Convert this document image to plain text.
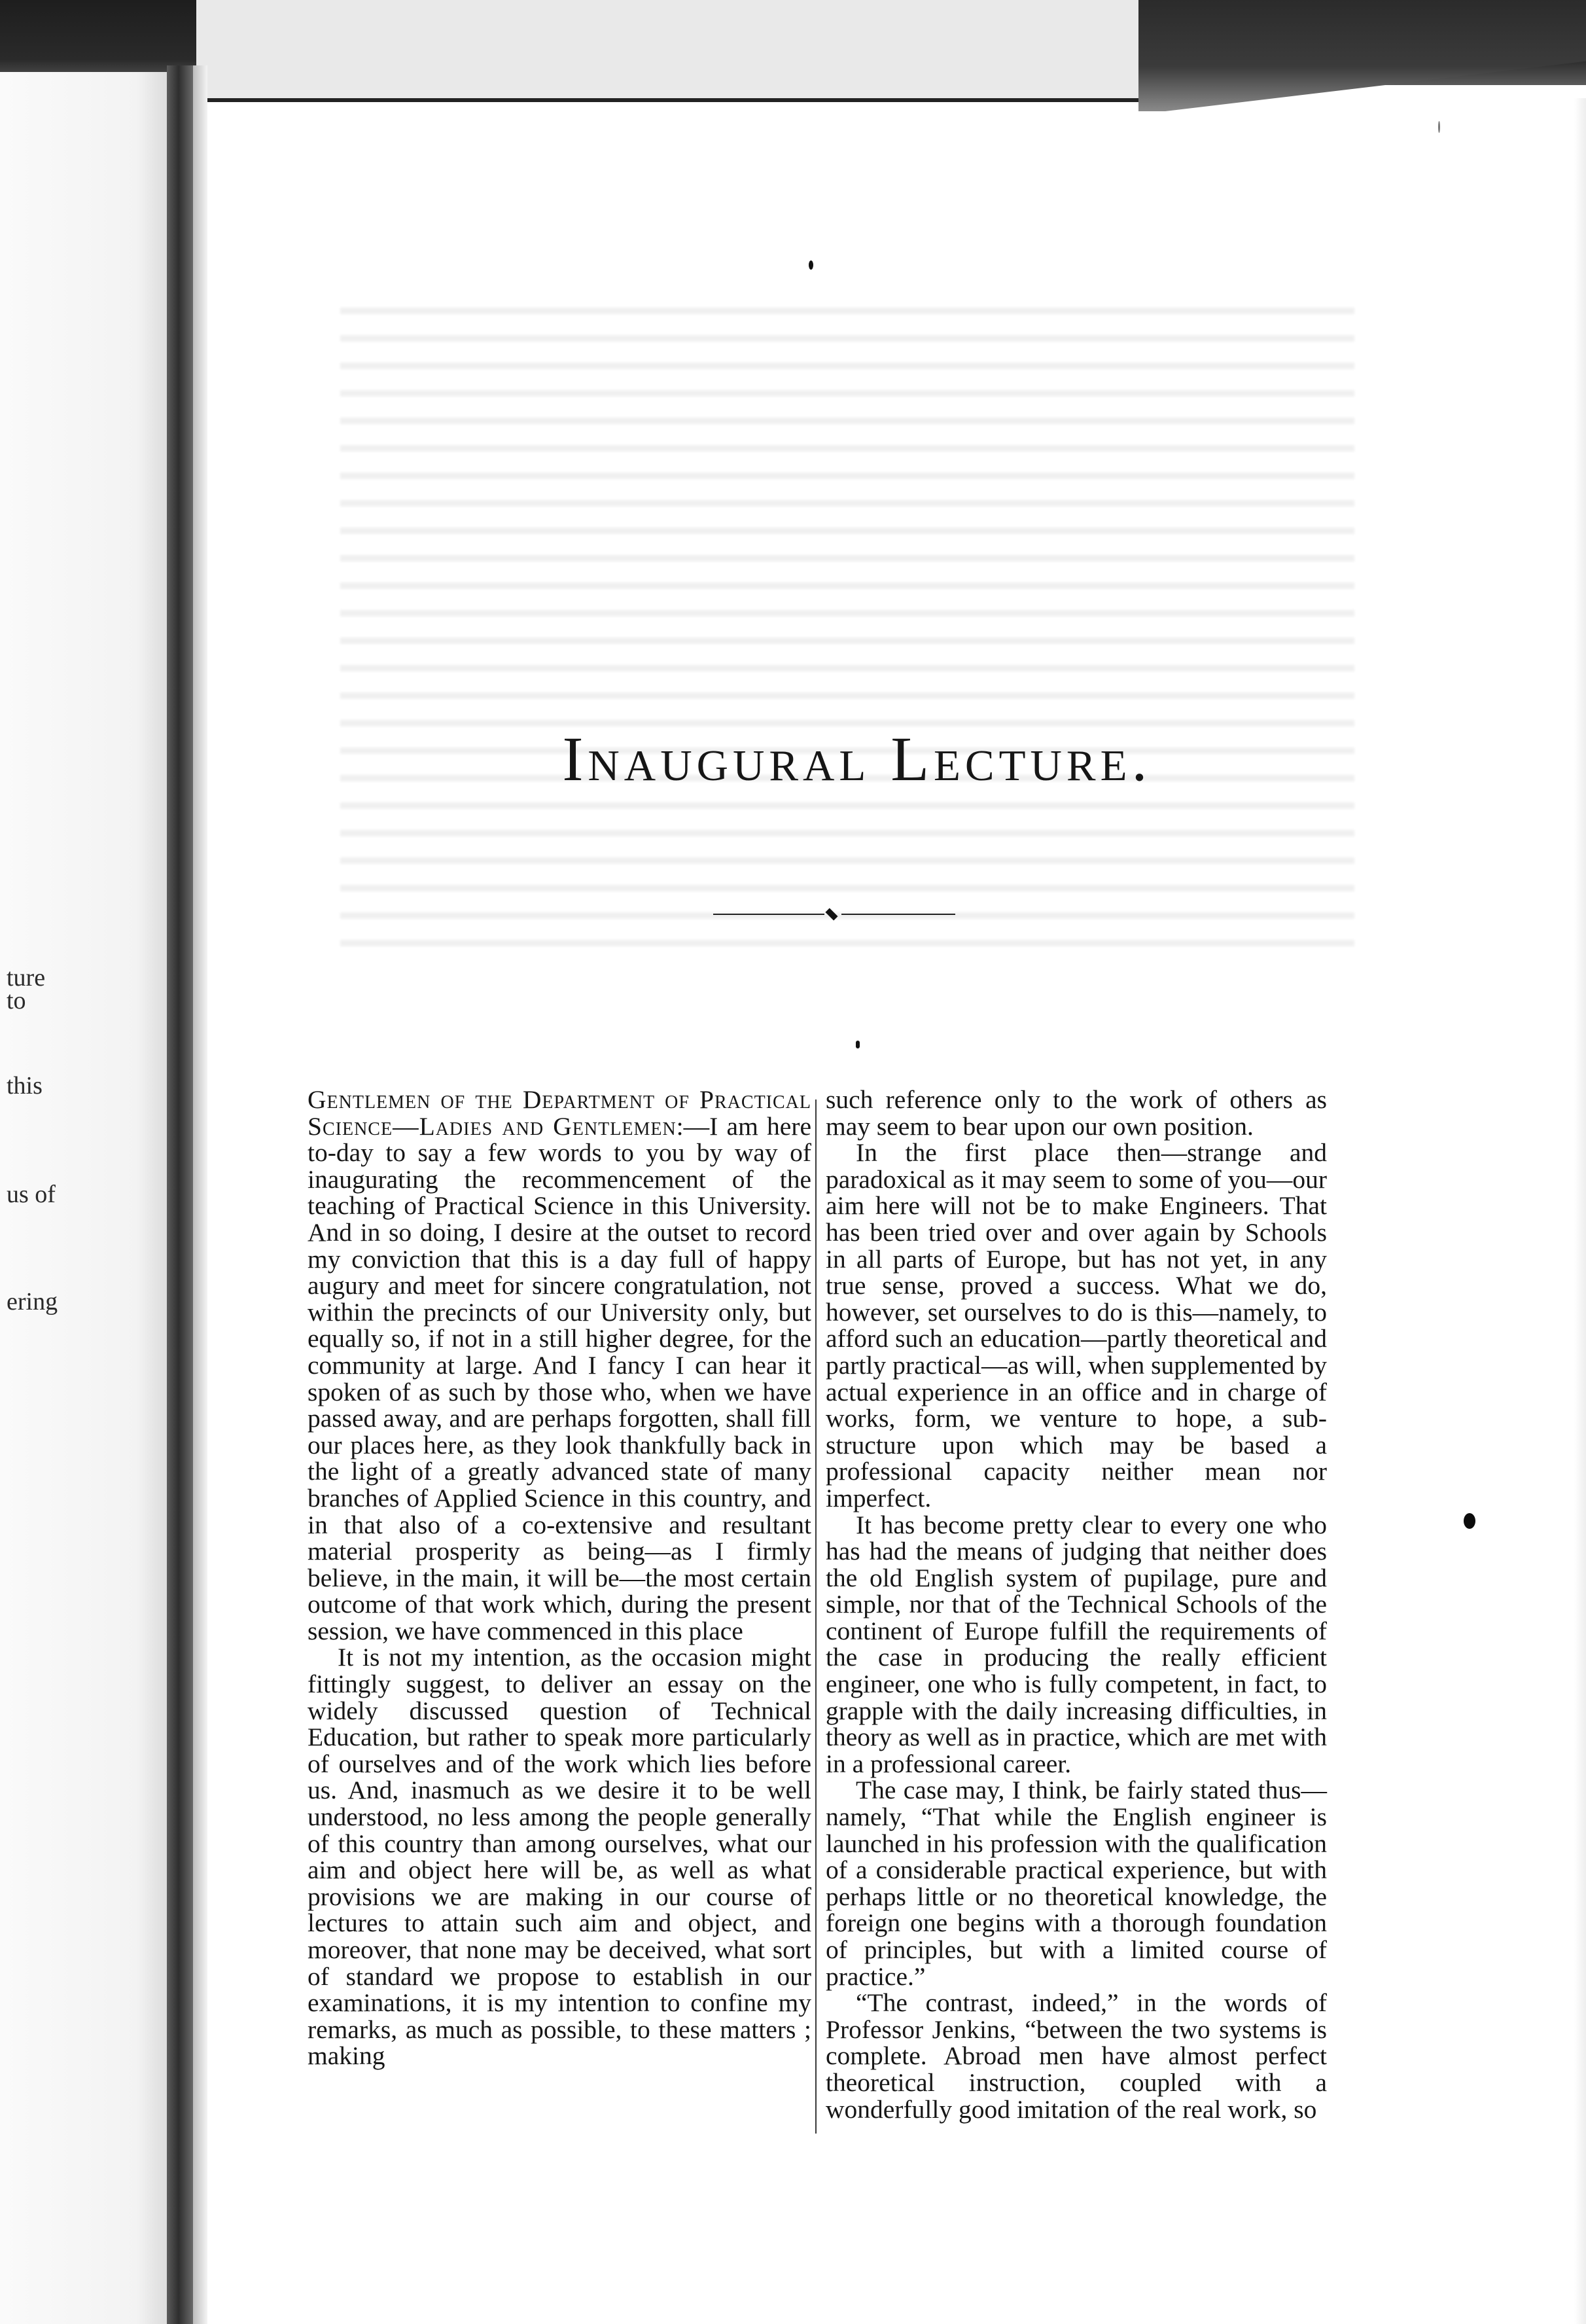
ture
to
this
us of
ering
Inaugural Lecture.

Gentlemen of the Department of Practical Science—Ladies and Gentlemen:—I am here to-day to say a few words to you by way of inaugurating the recommencement of the teaching of Practical Science in this University. And in so doing, I desire at the outset to record my conviction that this is a day full of happy augury and meet for sincere congratulation, not within the precincts of our University only, but equally so, if not in a still higher degree, for the community at large. And I fancy I can hear it spoken of as such by those who, when we have passed away, and are perhaps forgotten, shall fill our places here, as they look thankfully back in the light of a greatly advanced state of many branches of Applied Science in this country, and in that also of a co-extensive and resultant material prosperity as being—as I firmly believe, in the main, it will be—the most certain outcome of that work which, during the present session, we have commenced in this place

It is not my intention, as the occasion might fittingly suggest, to deliver an essay on the widely discussed question of Technical Education, but rather to speak more particularly of ourselves and of the work which lies before us. And, inasmuch as we desire it to be well understood, no less among the people generally of this country than among ourselves, what our aim and object here will be, as well as what provisions we are making in our course of lectures to attain such aim and object, and moreover, that none may be deceived, what sort of standard we propose to establish in our examinations, it is my intention to confine my remarks, as much as possible, to these matters ; making

such reference only to the work of others as may seem to bear upon our own position.

In the first place then—strange and paradoxical as it may seem to some of you—our aim here will not be to make Engineers. That has been tried over and over again by Schools in all parts of Europe, but has not yet, in any true sense, proved a success. What we do, however, set ourselves to do is this—namely, to afford such an education—partly theoretical and partly practical—as will, when supplemented by actual experience in an office and in charge of works, form, we venture to hope, a sub-structure upon which may be based a professional capacity neither mean nor imperfect.

It has become pretty clear to every one who has had the means of judging that neither does the old English system of pupilage, pure and simple, nor that of the Technical Schools of the continent of Europe fulfill the requirements of the case in producing the really efficient engineer, one who is fully competent, in fact, to grapple with the daily increasing difficulties, in theory as well as in practice, which are met with in a professional career.

The case may, I think, be fairly stated thus—namely, “That while the English engineer is launched in his profession with the qualification of a considerable practical experience, but with perhaps little or no theoretical knowledge, the foreign one begins with a thorough foundation of principles, but with a limited course of practice.”

“The contrast, indeed,” in the words of Professor Jenkins, “between the two systems is complete. Abroad men have almost perfect theoretical instruction, coupled with a wonderfully good imitation of the real work, so
